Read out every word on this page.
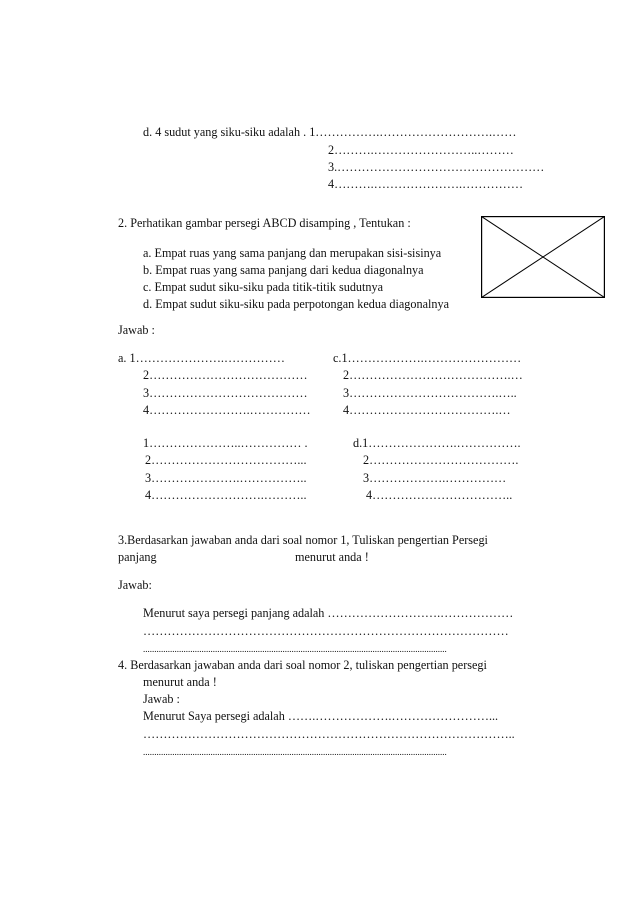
d. 4 sudut yang siku-siku adalah . 1…………….……………………….……
2……….……………………..………
3.……………………………………………
4……….………………….……………
2. Perhatikan gambar persegi ABCD disamping , Tentukan :
a. Empat ruas yang sama panjang dan merupakan sisi-sisinya
b. Empat ruas yang sama panjang dari kedua diagonalnya
c. Empat sudut siku-siku pada titik-titik sudutnya
d. Empat sudut siku-siku pada perpotongan kedua diagonalnya
Jawab :
a. 1………………….……………
2…………………………………
3…………………………………
4…………………….……………
c.1……………….……………………
2………………………………….…
3……………………………….…..
4……………………………….…
1…………………..…………… .
2………………………………...
3………………….……………..
4……………………….………..
d.1………………….…………….
2……………………………….
3……………….……………
4……………………………..
3.Berdasarkan jawaban anda dari soal nomor 1, Tuliskan pengertian Persegi
panjang	menurut anda !
Jawab:
Menurut saya persegi panjang adalah ……………………….………………
………………………………………………………………………………
.......................................................................................................................................
4. Berdasarkan jawaban anda dari soal nomor 2, tuliskan pengertian persegi
menurut anda !
Jawab :
Menurut Saya persegi adalah …….……………….……………………...
………………………………………………………………………………..
.......................................................................................................................................
